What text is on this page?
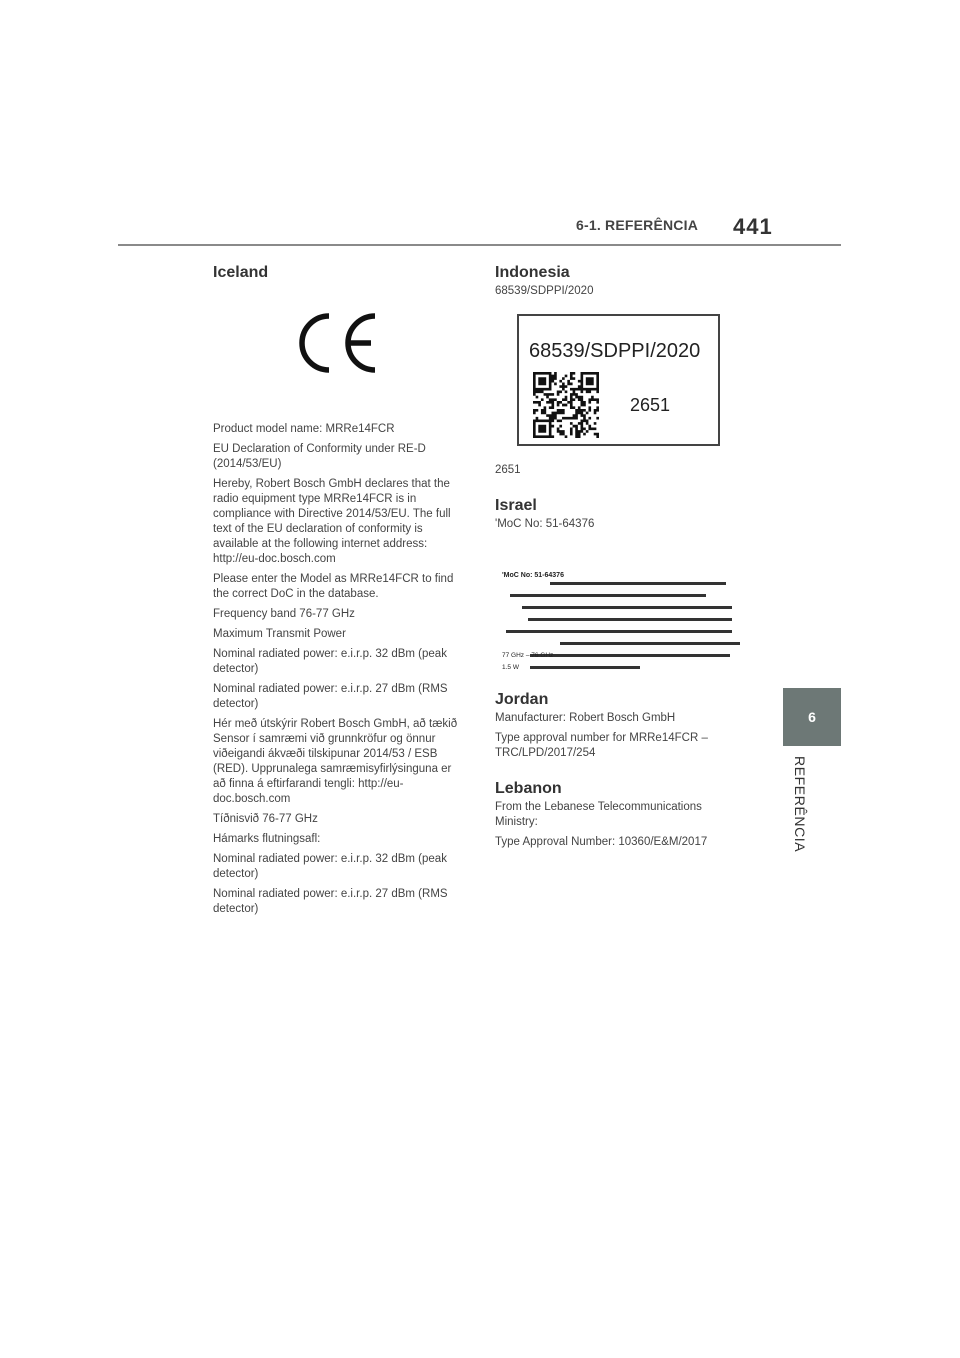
6-1. REFERÊNCIA	441
6
REFERÊNCIA
Iceland

Product model name: MRRe14FCR

EU Declaration of Conformity under RE-D (2014/53/EU)

Hereby, Robert Bosch GmbH declares that the radio equipment type MRRe14FCR is in compliance with Directive 2014/53/EU. The full text of the EU declaration of conformity is available at the following internet address: http://eu-doc.bosch.com

Please enter the Model as MRRe14FCR to find the correct DoC in the database.

Frequency band 76-77 GHz

Maximum Transmit Power

Nominal radiated power: e.i.r.p. 32 dBm (peak detector)

Nominal radiated power: e.i.r.p. 27 dBm (RMS detector)

Hér með útskýrir Robert Bosch GmbH, að tækið Sensor í samræmi við grunnkröfur og önnur viðeigandi ákvæði tilskipunar 2014/53 / ESB (RED). Upprunalega samræmisyfirlýsinguna er að finna á eftirfarandi tengli: http://eu-doc.bosch.com

Tíðnisvið 76-77 GHz

Hámarks flutningsafl:

Nominal radiated power: e.i.r.p. 32 dBm (peak detector)

Nominal radiated power: e.i.r.p. 27 dBm (RMS detector)

Indonesia

68539/SDPPI/2020

68539/SDPPI/2020
2651

2651

Israel

'MoC No: 51-64376

'MoC No: 51-64376
77 GHz – 76 GHz
1.5 W
Jordan

Manufacturer: Robert Bosch GmbH

Type approval number for MRRe14FCR – TRC/LPD/2017/254

Lebanon

From the Lebanese Telecommunications Ministry:

Type Approval Number: 10360/E&M/2017
